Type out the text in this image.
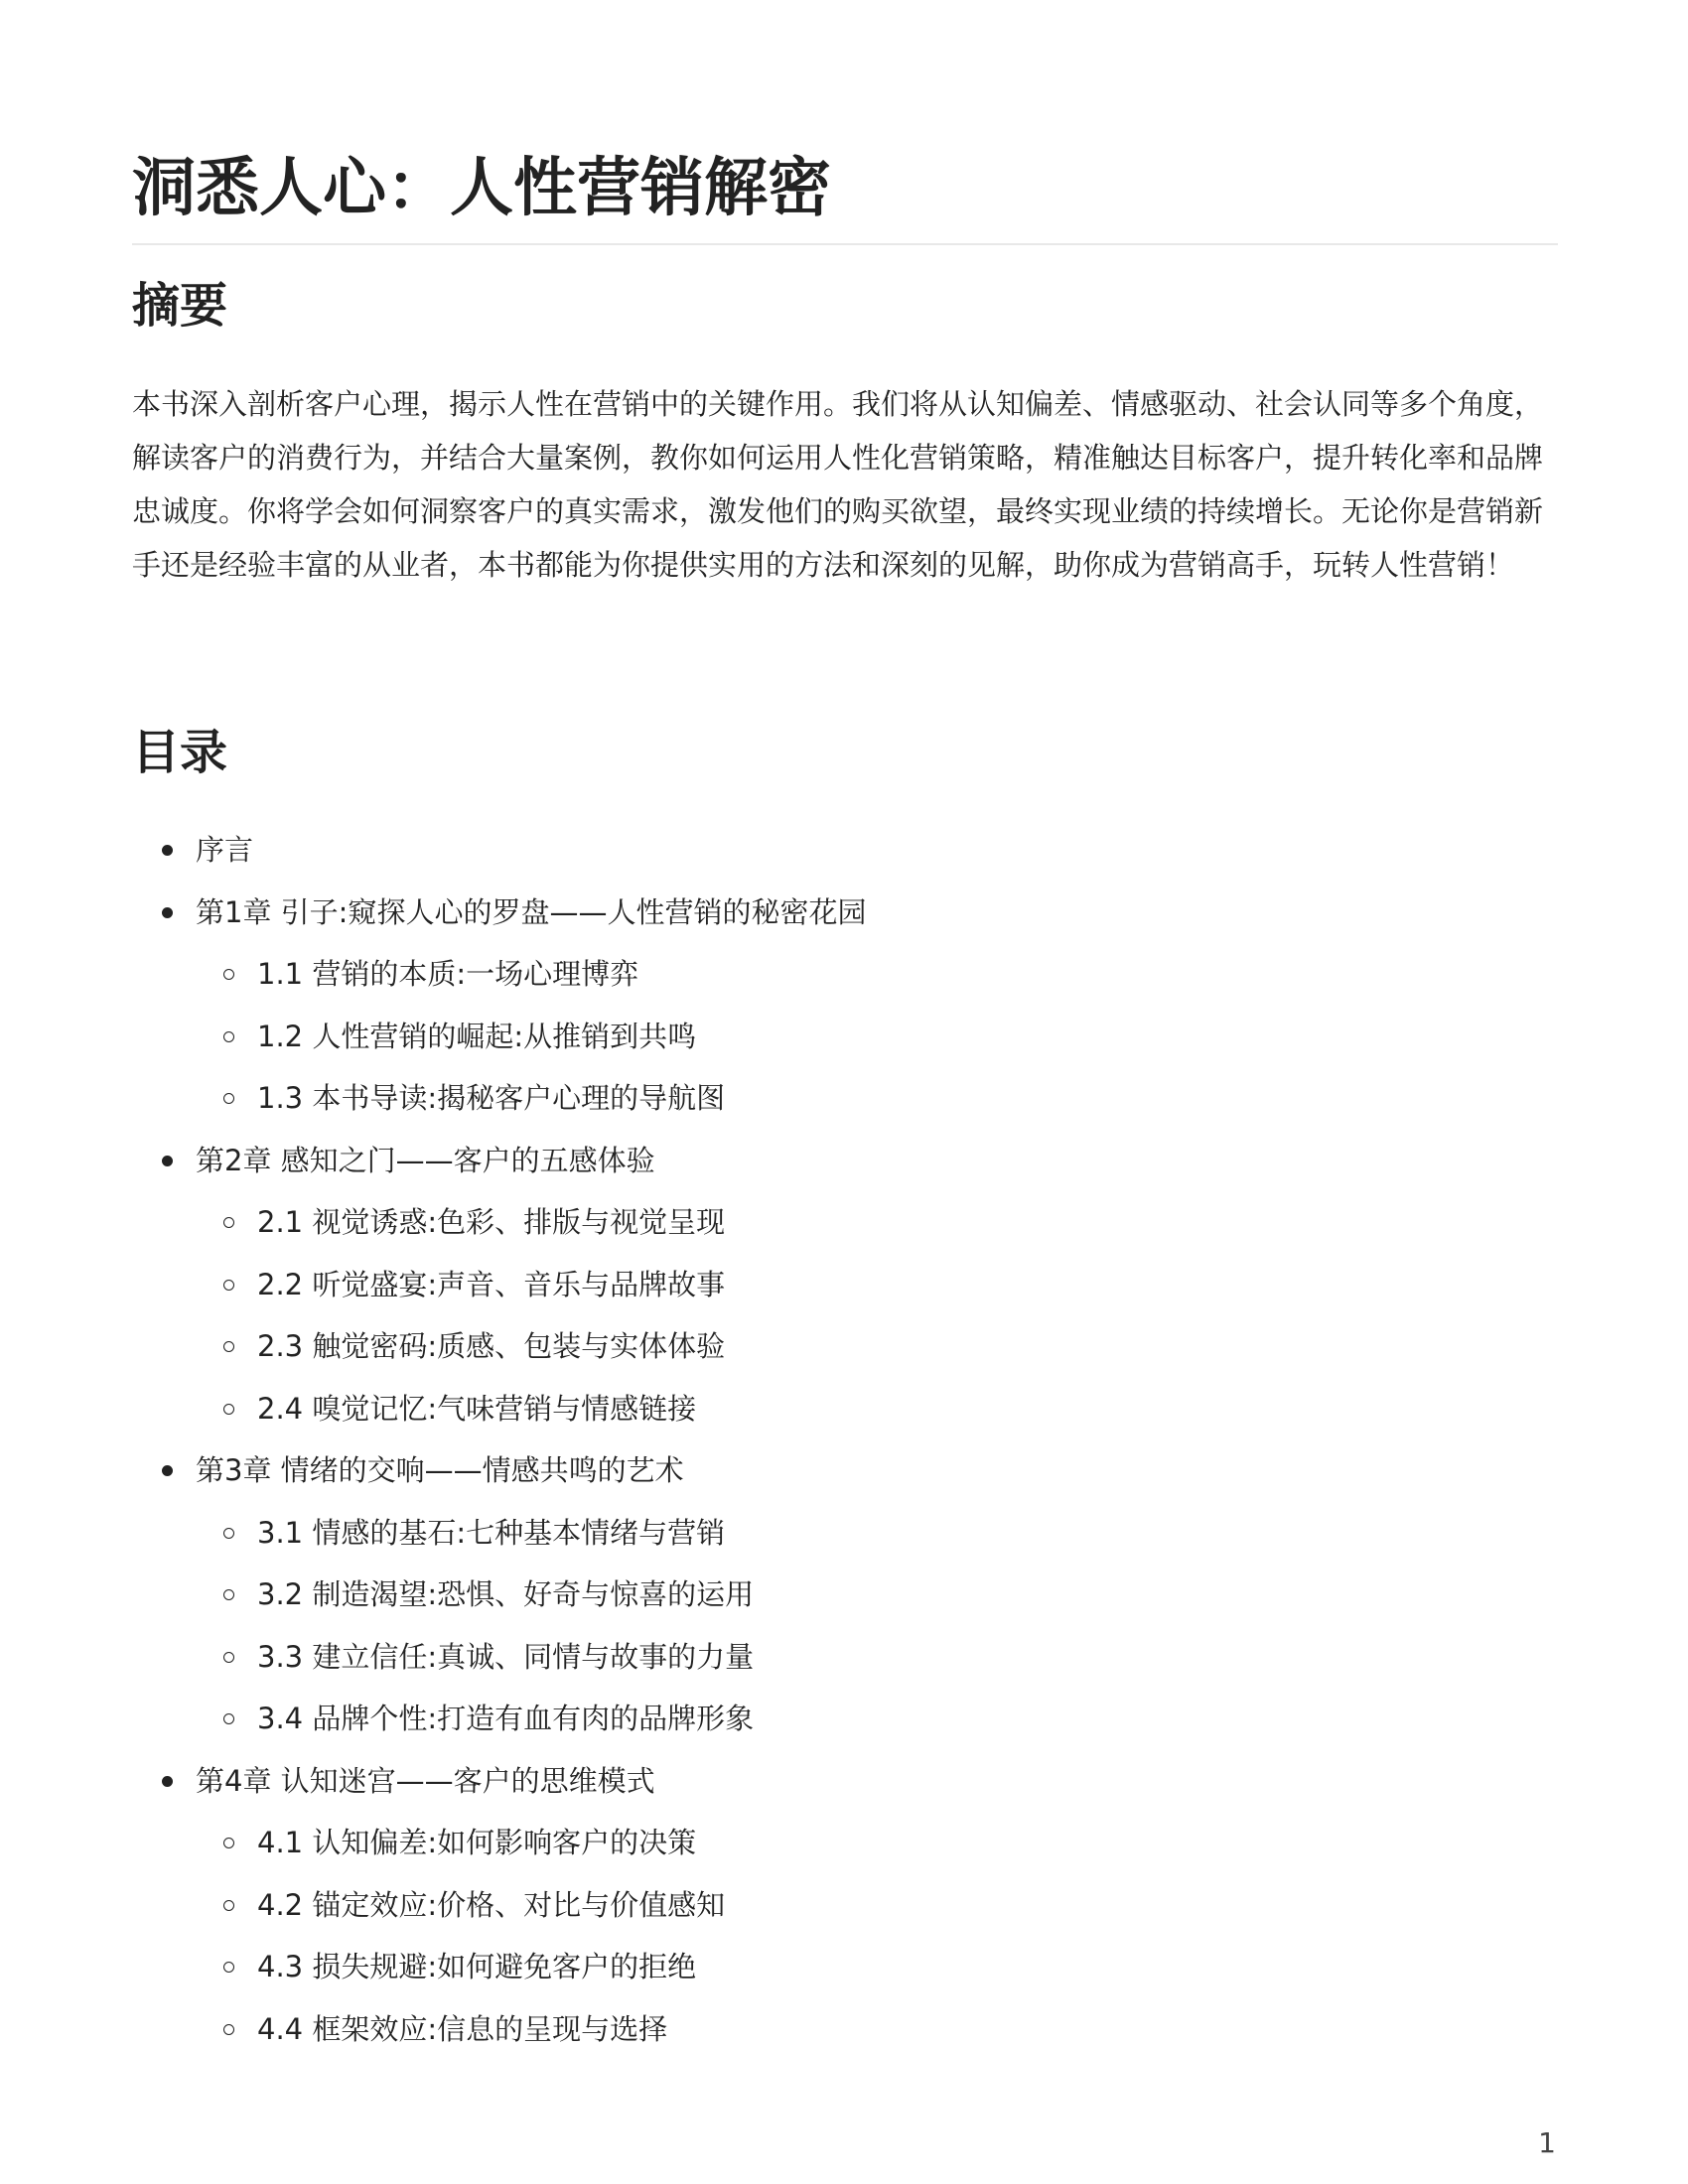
洞悉人心：人性营销解密
摘要

本书深入剖析客户心理，揭示人性在营销中的关键作用。我们将从认知偏差、情感驱动、社会认同等多个角度，解读客户的消费行为，并结合大量案例，教你如何运用人性化营销策略，精准触达目标客户，提升转化率和品牌忠诚度。你将学会如何洞察客户的真实需求，激发他们的购买欲望，最终实现业绩的持续增长。无论你是营销新手还是经验丰富的从业者，本书都能为你提供实用的方法和深刻的见解，助你成为营销高手，玩转人性营销！

目录
序言
第1章 引子:窥探人心的罗盘——人性营销的秘密花园
1.1 营销的本质:一场心理博弈
1.2 人性营销的崛起:从推销到共鸣
1.3 本书导读:揭秘客户心理的导航图
第2章 感知之门——客户的五感体验
2.1 视觉诱惑:色彩、排版与视觉呈现
2.2 听觉盛宴:声音、音乐与品牌故事
2.3 触觉密码:质感、包装与实体体验
2.4 嗅觉记忆:气味营销与情感链接
第3章 情绪的交响——情感共鸣的艺术
3.1 情感的基石:七种基本情绪与营销
3.2 制造渴望:恐惧、好奇与惊喜的运用
3.3 建立信任:真诚、同情与故事的力量
3.4 品牌个性:打造有血有肉的品牌形象
第4章 认知迷宫——客户的思维模式
4.1 认知偏差:如何影响客户的决策
4.2 锚定效应:价格、对比与价值感知
4.3 损失规避:如何避免客户的拒绝
4.4 框架效应:信息的呈现与选择
1
